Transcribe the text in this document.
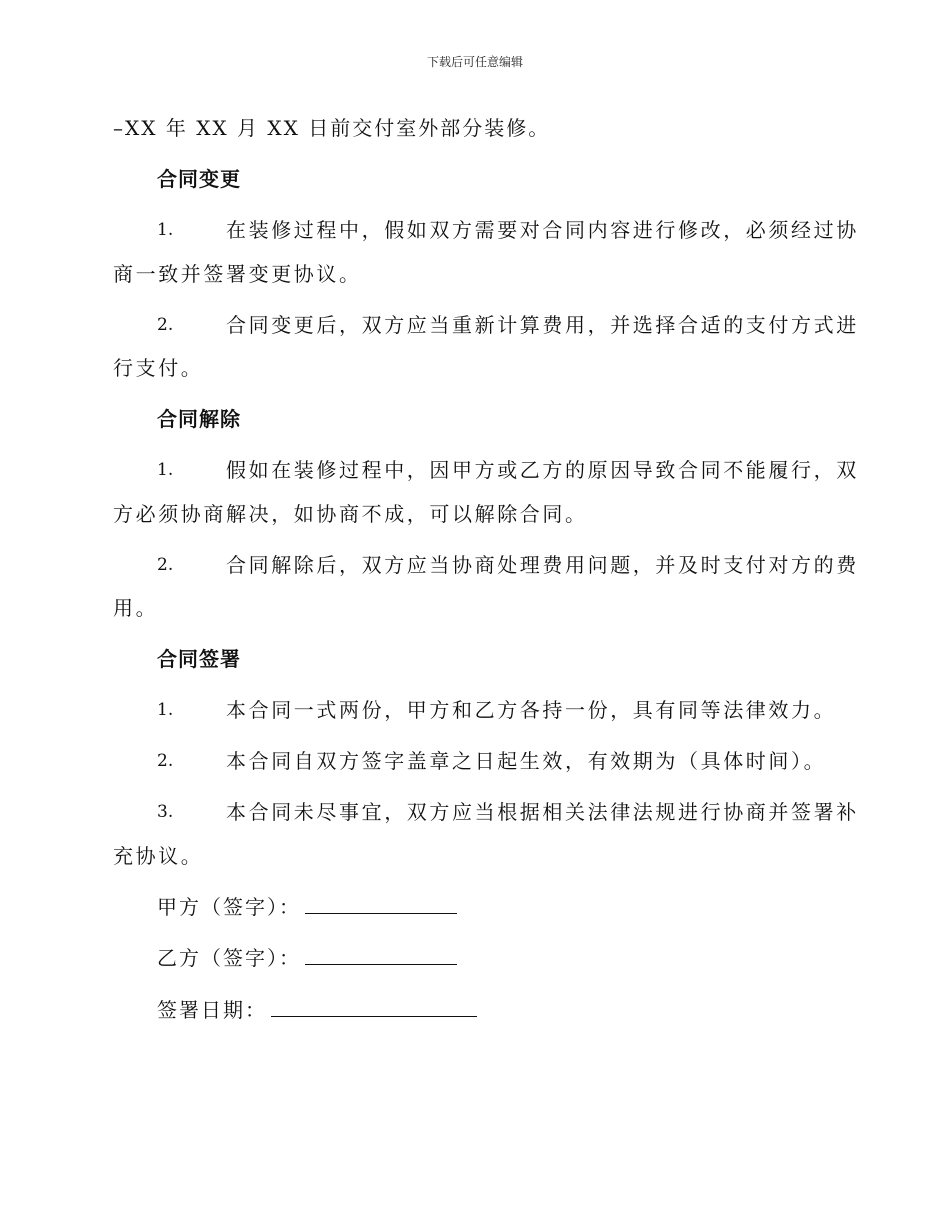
下载后可任意编辑
–XX 年 XX 月 XX 日前交付室外部分装修。
合同变更
1.	在装修过程中，假如双方需要对合同内容进行修改，必须经过协
商一致并签署变更协议。
2.	合同变更后，双方应当重新计算费用，并选择合适的支付方式进
行支付。
合同解除
1.	假如在装修过程中，因甲方或乙方的原因导致合同不能履行，双
方必须协商解决，如协商不成，可以解除合同。
2.	合同解除后，双方应当协商处理费用问题，并及时支付对方的费
用。
合同签署
1.	本合同一式两份，甲方和乙方各持一份，具有同等法律效力。
2.	本合同自双方签字盖章之日起生效，有效期为（具体时间）。
3.	本合同未尽事宜，双方应当根据相关法律法规进行协商并签署补
充协议。
甲方（签字）：
乙方（签字）：
签署日期：
